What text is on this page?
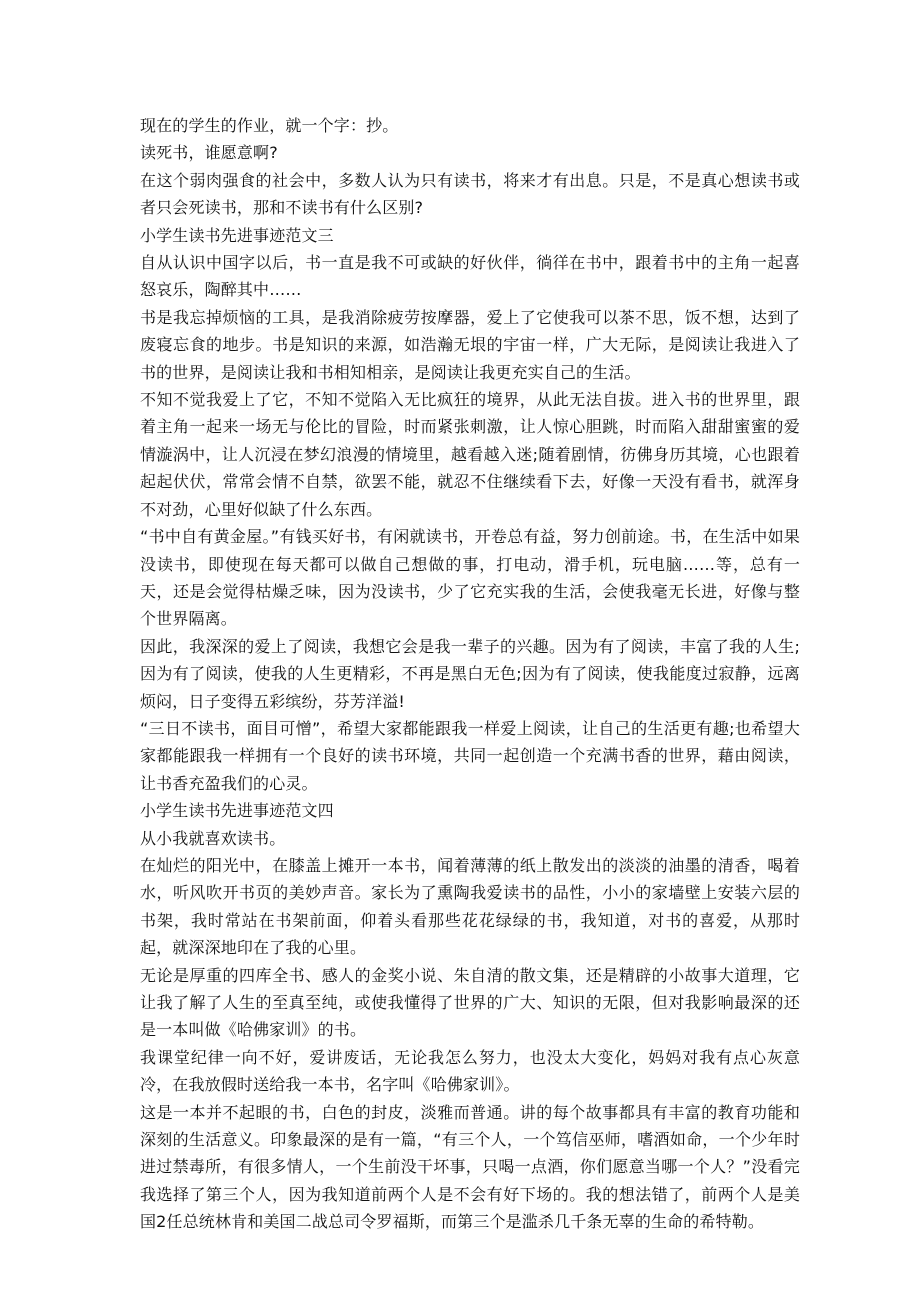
现在的学生的作业，就一个字：抄。

读死书，谁愿意啊?

在这个弱肉强食的社会中，多数人认为只有读书，将来才有出息。只是，不是真心想读书或者只会死读书，那和不读书有什么区别?

小学生读书先进事迹范文三

自从认识中国字以后，书一直是我不可或缺的好伙伴，徜徉在书中，跟着书中的主角一起喜怒哀乐，陶醉其中……

书是我忘掉烦恼的工具，是我消除疲劳按摩器，爱上了它使我可以茶不思，饭不想，达到了废寝忘食的地步。书是知识的来源，如浩瀚无垠的宇宙一样，广大无际，是阅读让我进入了书的世界，是阅读让我和书相知相亲，是阅读让我更充实自己的生活。

不知不觉我爱上了它，不知不觉陷入无比疯狂的境界，从此无法自拔。进入书的世界里，跟着主角一起来一场无与伦比的冒险，时而紧张刺激，让人惊心胆跳，时而陷入甜甜蜜蜜的爱情漩涡中，让人沉浸在梦幻浪漫的情境里，越看越入迷;随着剧情，彷佛身历其境，心也跟着起起伏伏，常常会情不自禁，欲罢不能，就忍不住继续看下去，好像一天没有看书，就浑身不对劲，心里好似缺了什么东西。

“书中自有黄金屋。”有钱买好书，有闲就读书，开卷总有益，努力创前途。书，在生活中如果没读书，即使现在每天都可以做自己想做的事，打电动，滑手机，玩电脑……等，总有一天，还是会觉得枯燥乏味，因为没读书，少了它充实我的生活，会使我毫无长进，好像与整个世界隔离。

因此，我深深的爱上了阅读，我想它会是我一辈子的兴趣。因为有了阅读，丰富了我的人生;因为有了阅读，使我的人生更精彩，不再是黑白无色;因为有了阅读，使我能度过寂静，远离烦闷，日子变得五彩缤纷，芬芳洋溢!

“三日不读书，面目可憎”，希望大家都能跟我一样爱上阅读，让自己的生活更有趣;也希望大家都能跟我一样拥有一个良好的读书环境，共同一起创造一个充满书香的世界，藉由阅读，让书香充盈我们的心灵。

小学生读书先进事迹范文四

从小我就喜欢读书。

在灿烂的阳光中，在膝盖上摊开一本书，闻着薄薄的纸上散发出的淡淡的油墨的清香，喝着水，听风吹开书页的美妙声音。家长为了熏陶我爱读书的品性，小小的家墙壁上安装六层的书架，我时常站在书架前面，仰着头看那些花花绿绿的书，我知道，对书的喜爱，从那时起，就深深地印在了我的心里。

无论是厚重的四库全书、感人的金奖小说、朱自清的散文集，还是精辟的小故事大道理，它让我了解了人生的至真至纯，或使我懂得了世界的广大、知识的无限，但对我影响最深的还是一本叫做《哈佛家训》的书。

我课堂纪律一向不好，爱讲废话，无论我怎么努力，也没太大变化，妈妈对我有点心灰意冷，在我放假时送给我一本书，名字叫《哈佛家训》。

这是一本并不起眼的书，白色的封皮，淡雅而普通。讲的每个故事都具有丰富的教育功能和深刻的生活意义。印象最深的是有一篇，“有三个人，一个笃信巫师，嗜酒如命，一个少年时进过禁毒所，有很多情人，一个生前没干坏事，只喝一点酒，你们愿意当哪一个人？”没看完我选择了第三个人，因为我知道前两个人是不会有好下场的。我的想法错了，前两个人是美国2任总统林肯和美国二战总司令罗福斯，而第三个是滥杀几千条无辜的生命的希特勒。
